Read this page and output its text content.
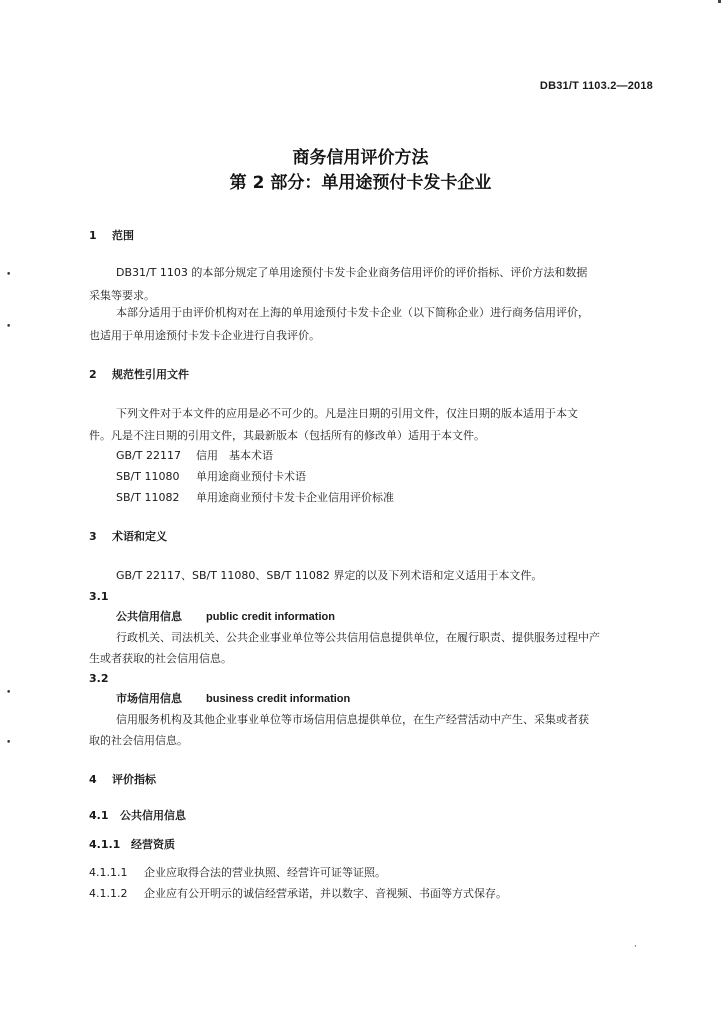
DB31/T 1103.2—2018
商务信用评价方法
第 2 部分：单用途预付卡发卡企业
1 范围
DB31/T 1103 的本部分规定了单用途预付卡发卡企业商务信用评价的评价指标、评价方法和数据
采集等要求。
本部分适用于由评价机构对在上海的单用途预付卡发卡企业（以下简称企业）进行商务信用评价，
也适用于单用途预付卡发卡企业进行自我评价。
2 规范性引用文件
下列文件对于本文件的应用是必不可少的。凡是注日期的引用文件，仅注日期的版本适用于本文
件。凡是不注日期的引用文件，其最新版本（包括所有的修改单）适用于本文件。
GB/T 22117 信用　基本术语
SB/T 11080 单用途商业预付卡术语
SB/T 11082 单用途商业预付卡发卡企业信用评价标准
3 术语和定义
GB/T 22117、SB/T 11080、SB/T 11082 界定的以及下列术语和定义适用于本文件。
3.1
公共信用信息 public credit information
行政机关、司法机关、公共企业事业单位等公共信用信息提供单位，在履行职责、提供服务过程中产
生或者获取的社会信用信息。
3.2
市场信用信息 business credit information
信用服务机构及其他企业事业单位等市场信用信息提供单位，在生产经营活动中产生、采集或者获
取的社会信用信息。
4 评价指标
4.1 公共信用信息
4.1.1 经营资质
4.1.1.1 企业应取得合法的营业执照、经营许可证等证照。
4.1.1.2 企业应有公开明示的诚信经营承诺，并以数字、音视频、书面等方式保存。
•
•
•
•
·
